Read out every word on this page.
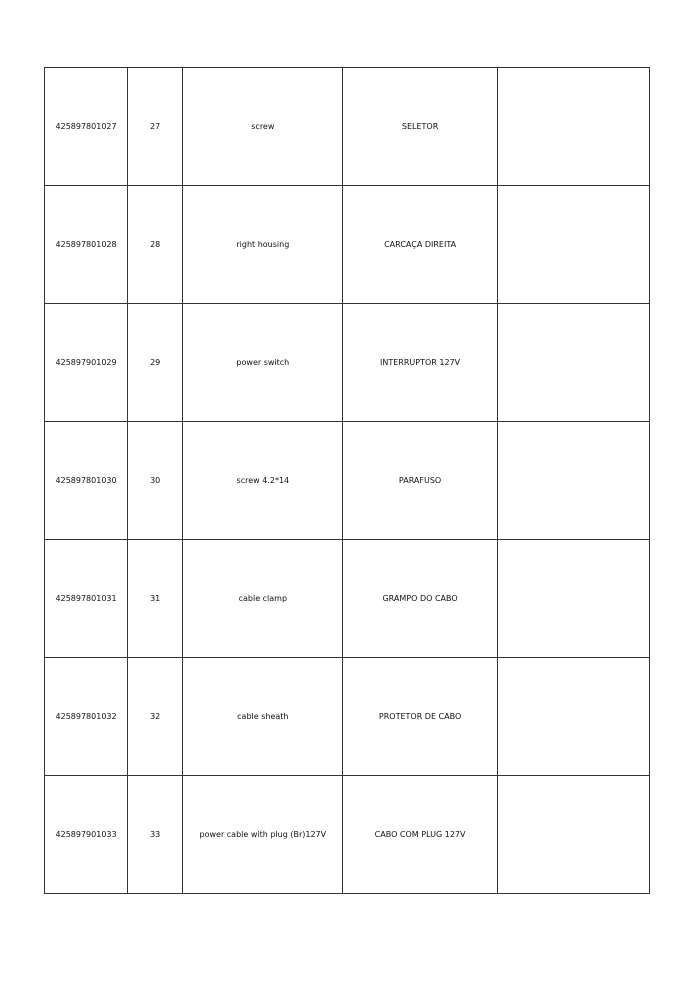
425897801027	27	screw	SELETOR	
425897801028	28	right housing	CARCAÇA DIREITA	
425897901029	29	power switch	INTERRUPTOR 127V	
425897801030	30	screw 4.2*14	PARAFUSO	
425897801031	31	cable clamp	GRAMPO DO CABO	
425897801032	32	cable sheath	PROTETOR DE CABO	
425897901033	33	power cable with plug (Br)127V	CABO COM PLUG 127V	
